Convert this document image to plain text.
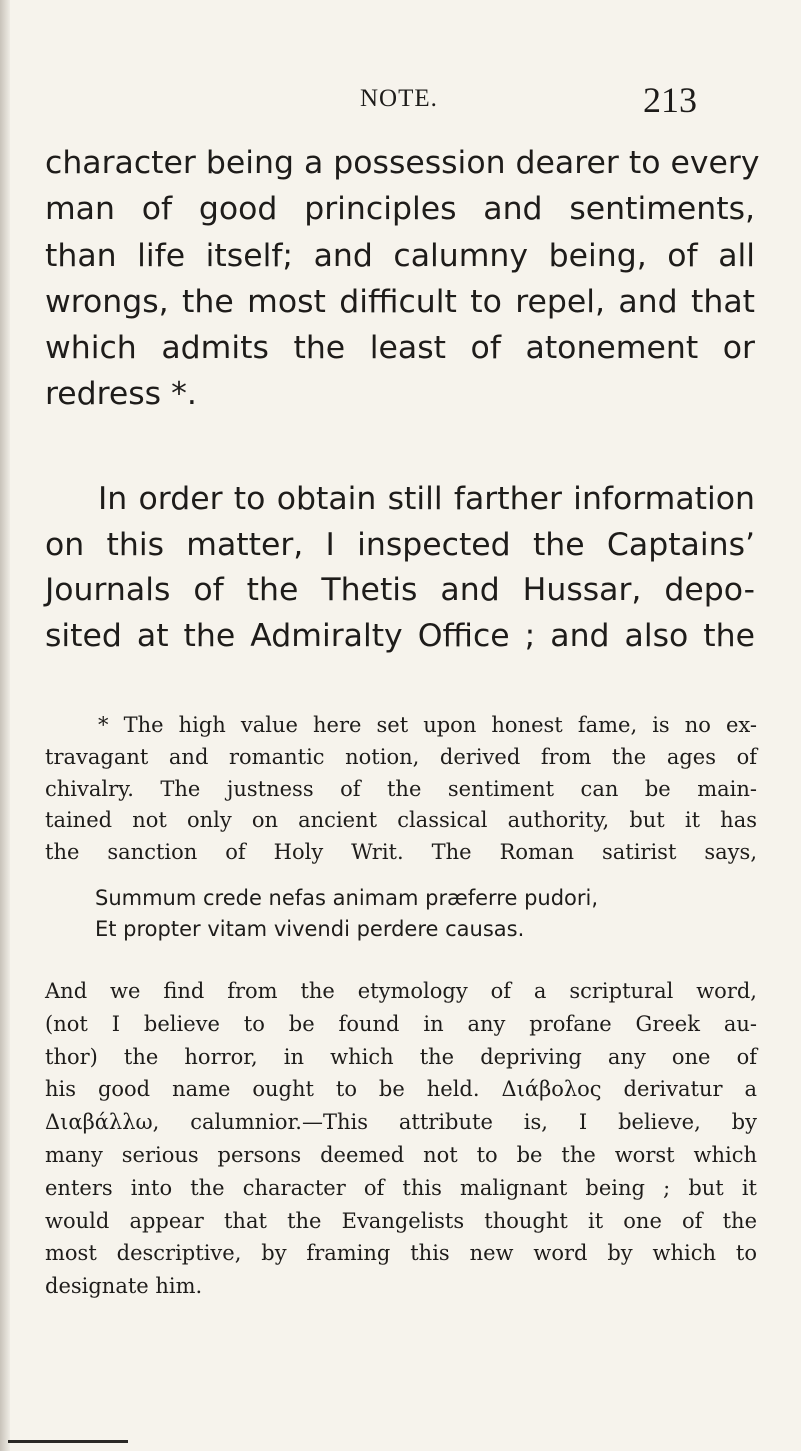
NOTE.	213
character being a possession dearer to every
man of good principles and sentiments,
than life itself; and calumny being, of all
wrongs, the most difficult to repel, and that
which admits the least of atonement or
redress *.
In order to obtain still farther information
on this matter, I inspected the Captains’
Journals of the Thetis and Hussar, depo-
sited at the Admiralty Office ; and also the
* The high value here set upon honest fame, is no ex-
travagant and romantic notion, derived from the ages of
chivalry. The justness of the sentiment can be main-
tained not only on ancient classical authority, but it has
the sanction of Holy Writ. The Roman satirist says,
Summum crede nefas animam præferre pudori,
Et propter vitam vivendi perdere causas.
And we find from the etymology of a scriptural word,
(not I believe to be found in any profane Greek au-
thor) the horror, in which the depriving any one of
his good name ought to be held. Διάβολος derivatur a
Διαβάλλω, calumnior.—This attribute is, I believe, by
many serious persons deemed not to be the worst which
enters into the character of this malignant being ; but it
would appear that the Evangelists thought it one of the
most descriptive, by framing this new word by which to
designate him.
